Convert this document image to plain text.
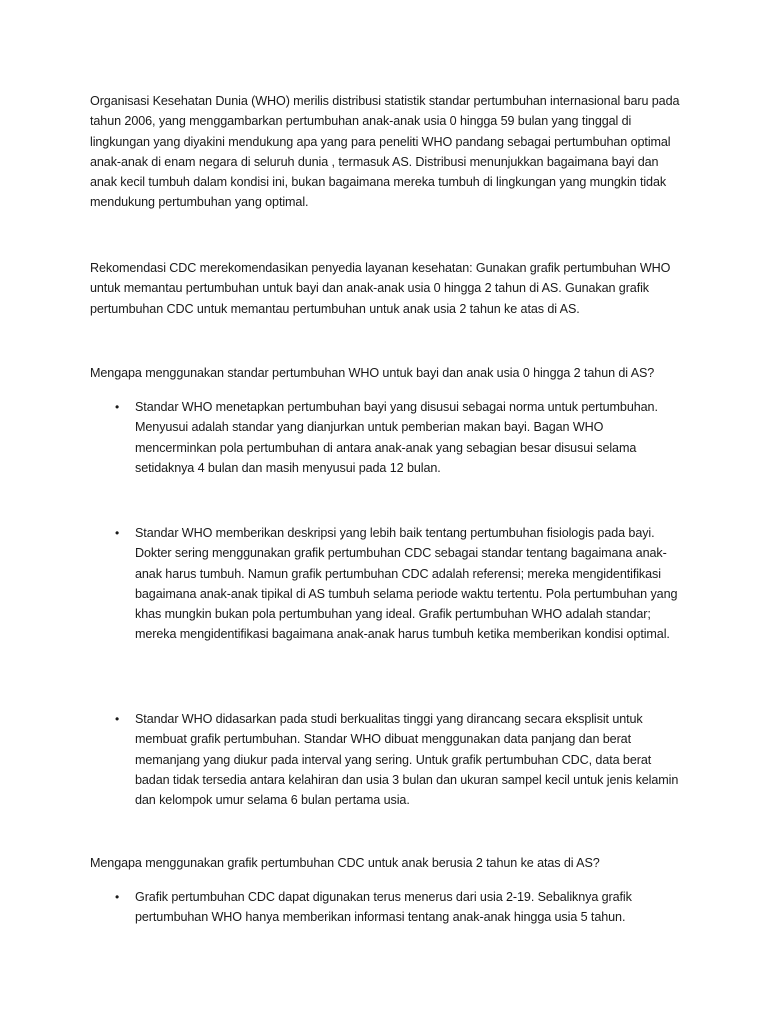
Organisasi Kesehatan Dunia (WHO) merilis distribusi statistik standar pertumbuhan internasional baru pada tahun 2006, yang menggambarkan pertumbuhan anak-anak usia 0 hingga 59 bulan yang tinggal di lingkungan yang diyakini mendukung apa yang para peneliti WHO pandang sebagai pertumbuhan optimal anak-anak di enam negara di seluruh dunia , termasuk AS. Distribusi menunjukkan bagaimana bayi dan anak kecil tumbuh dalam kondisi ini, bukan bagaimana mereka tumbuh di lingkungan yang mungkin tidak mendukung pertumbuhan yang optimal.

Rekomendasi CDC merekomendasikan penyedia layanan kesehatan: Gunakan grafik pertumbuhan WHO untuk memantau pertumbuhan untuk bayi dan anak-anak usia 0 hingga 2 tahun di AS. Gunakan grafik pertumbuhan CDC untuk memantau pertumbuhan untuk anak usia 2 tahun ke atas di AS.

Mengapa menggunakan standar pertumbuhan WHO untuk bayi dan anak usia 0 hingga 2 tahun di AS?

• Standar WHO menetapkan pertumbuhan bayi yang disusui sebagai norma untuk pertumbuhan. Menyusui adalah standar yang dianjurkan untuk pemberian makan bayi. Bagan WHO mencerminkan pola pertumbuhan di antara anak-anak yang sebagian besar disusui selama setidaknya 4 bulan dan masih menyusui pada 12 bulan.
• Standar WHO memberikan deskripsi yang lebih baik tentang pertumbuhan fisiologis pada bayi. Dokter sering menggunakan grafik pertumbuhan CDC sebagai standar tentang bagaimana anak-anak harus tumbuh. Namun grafik pertumbuhan CDC adalah referensi; mereka mengidentifikasi bagaimana anak-anak tipikal di AS tumbuh selama periode waktu tertentu. Pola pertumbuhan yang khas mungkin bukan pola pertumbuhan yang ideal. Grafik pertumbuhan WHO adalah standar; mereka mengidentifikasi bagaimana anak-anak harus tumbuh ketika memberikan kondisi optimal.
• Standar WHO didasarkan pada studi berkualitas tinggi yang dirancang secara eksplisit untuk membuat grafik pertumbuhan. Standar WHO dibuat menggunakan data panjang dan berat memanjang yang diukur pada interval yang sering. Untuk grafik pertumbuhan CDC, data berat badan tidak tersedia antara kelahiran dan usia 3 bulan dan ukuran sampel kecil untuk jenis kelamin dan kelompok umur selama 6 bulan pertama usia.

Mengapa menggunakan grafik pertumbuhan CDC untuk anak berusia 2 tahun ke atas di AS?

• Grafik pertumbuhan CDC dapat digunakan terus menerus dari usia 2-19. Sebaliknya grafik pertumbuhan WHO hanya memberikan informasi tentang anak-anak hingga usia 5 tahun.
